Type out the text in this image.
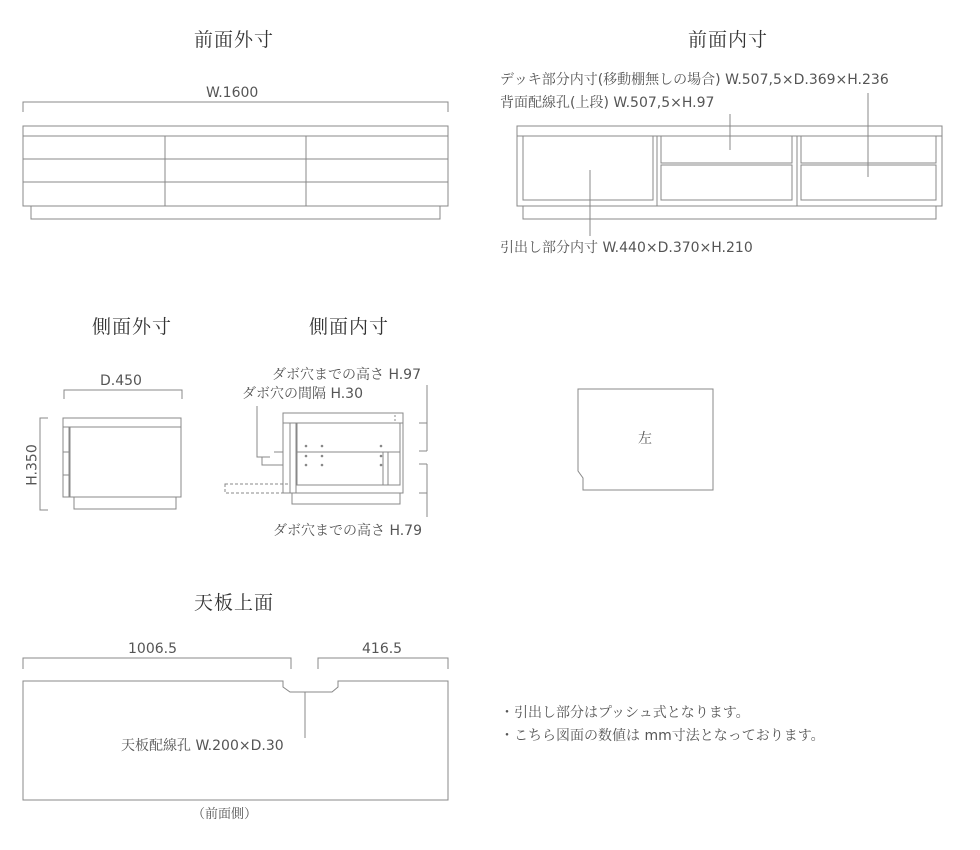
前面外寸
W.1600
前面内寸
デッキ部分内寸(移動棚無しの場合) W.507,5×D.369×H.236
背面配線孔(上段) W.507,5×H.97
引出し部分内寸 W.440×D.370×H.210
側面外寸
D.450
H.350
側面内寸
ダボ穴までの高さ H.97
ダボ穴の間隔 H.30
ダボ穴までの高さ H.79
左
天板上面
1006.5	416.5
天板配線孔 W.200×D.30
（前面側）
・引出し部分はプッシュ式となります。
・こちら図面の数値は mm寸法となっております。
